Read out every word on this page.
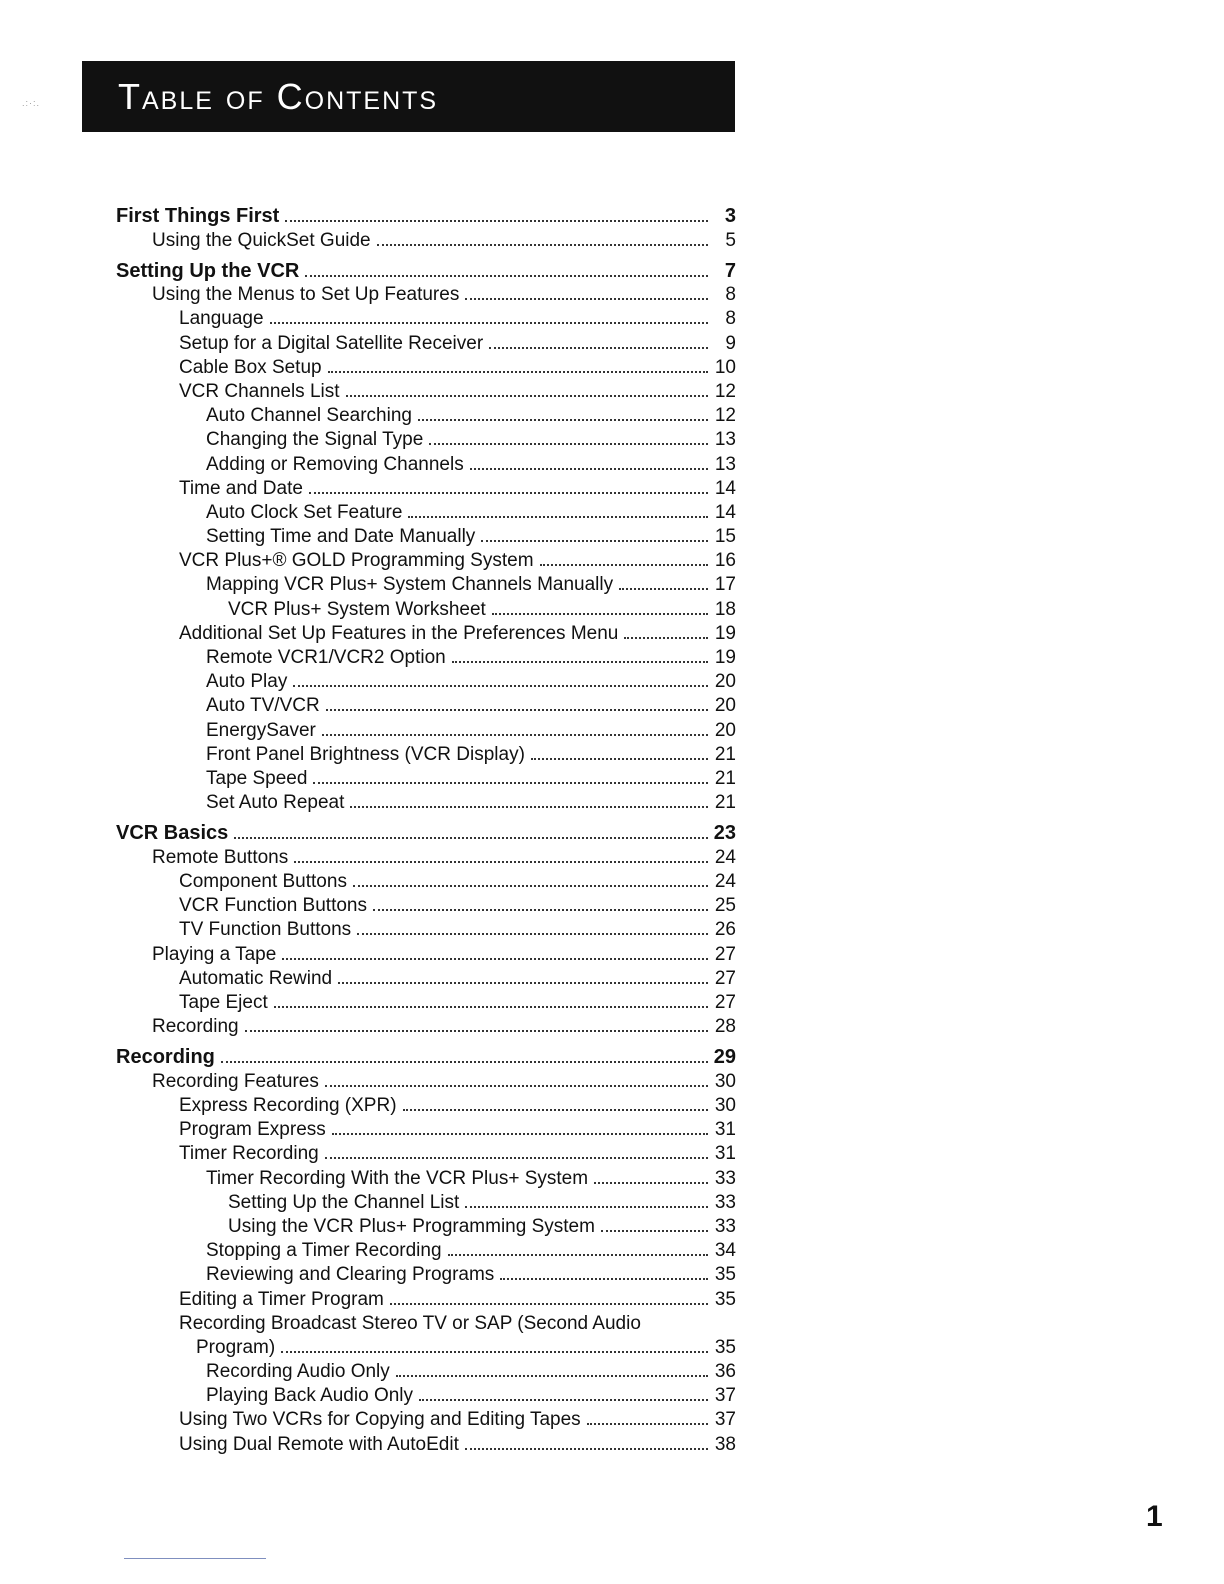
.:·:. Table of Contents
First Things First	3
Using the QuickSet Guide	5
Setting Up the VCR	7
Using the Menus to Set Up Features	8
Language	8
Setup for a Digital Satellite Receiver	9
Cable Box Setup	10
VCR Channels List	12
Auto Channel Searching	12
Changing the Signal Type	13
Adding or Removing Channels	13
Time and Date	14
Auto Clock Set Feature	14
Setting Time and Date Manually	15
VCR Plus+® GOLD Programming System	16
Mapping VCR Plus+ System Channels Manually	17
VCR Plus+ System Worksheet	18
Additional Set Up Features in the Preferences Menu	19
Remote VCR1/VCR2 Option	19
Auto Play	20
Auto TV/VCR	20
EnergySaver	20
Front Panel Brightness (VCR Display)	21
Tape Speed	21
Set Auto Repeat	21
VCR Basics	23
Remote Buttons	24
Component Buttons	24
VCR Function Buttons	25
TV Function Buttons	26
Playing a Tape	27
Automatic Rewind	27
Tape Eject	27
Recording	28
Recording	29
Recording Features	30
Express Recording (XPR)	30
Program Express	31
Timer Recording	31
Timer Recording With the VCR Plus+ System	33
Setting Up the Channel List	33
Using the VCR Plus+ Programming System	33
Stopping a Timer Recording	34
Reviewing and Clearing Programs	35
Editing a Timer Program	35
Recording Broadcast Stereo TV or SAP (Second Audio
Program)	35
Recording Audio Only	36
Playing Back Audio Only	37
Using Two VCRs for Copying and Editing Tapes	37
Using Dual Remote with AutoEdit	38
1
